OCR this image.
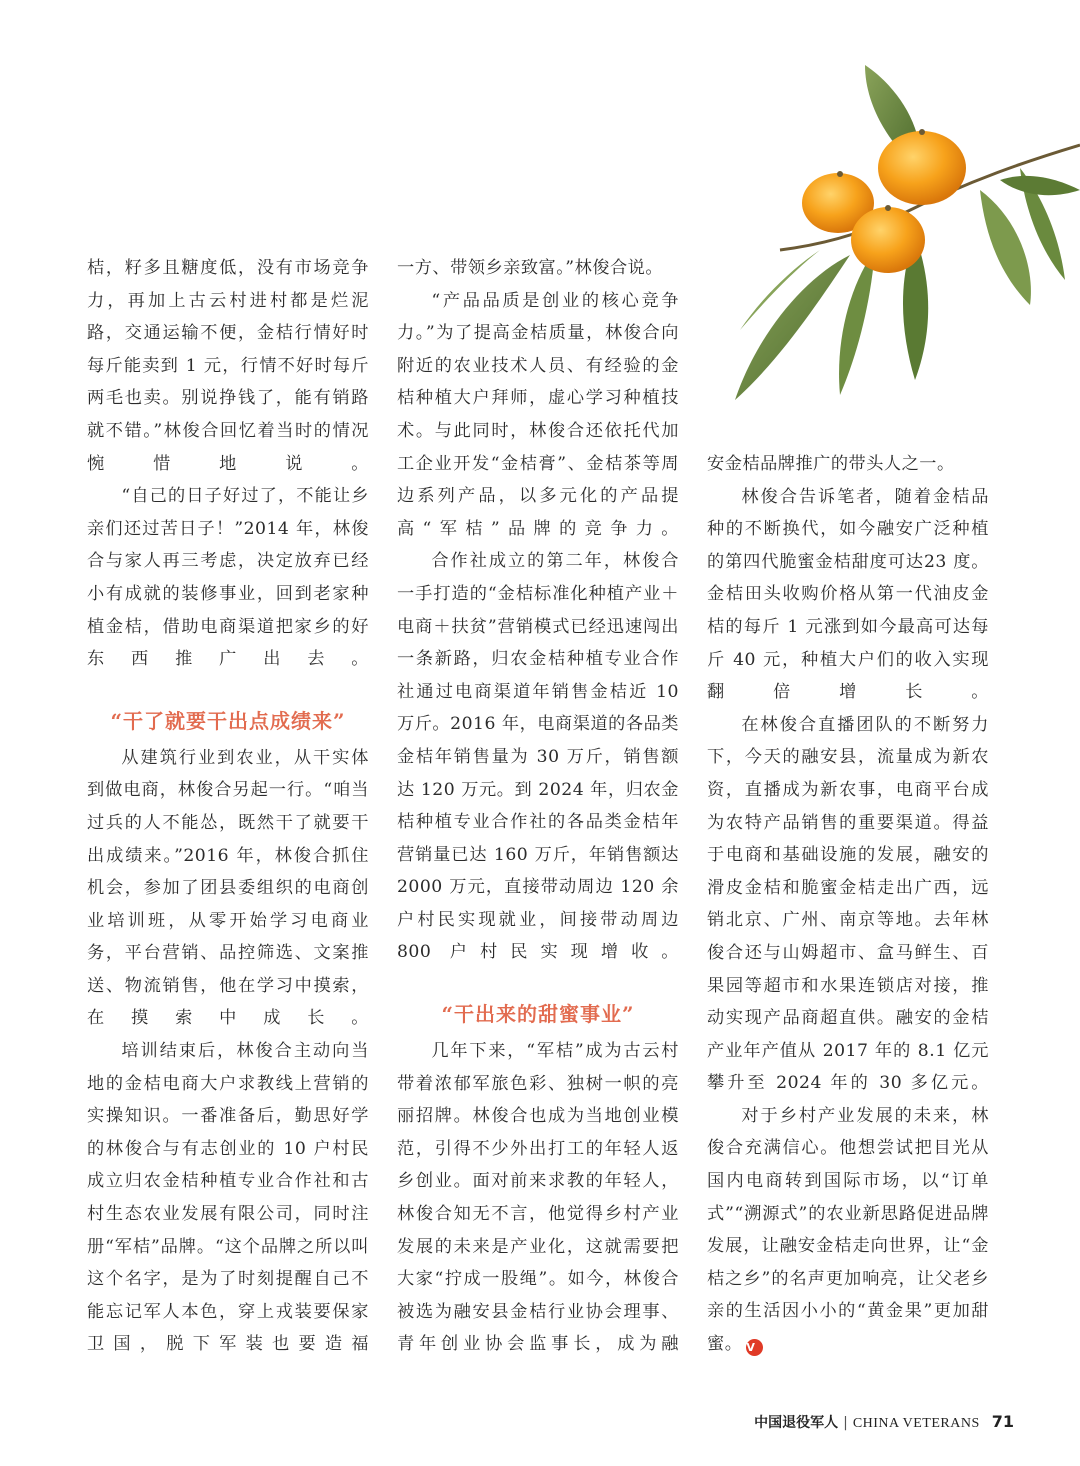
桔，籽多且糖度低，没有市场竞争力，再加上古云村进村都是烂泥路，交通运输不便，金桔行情好时每斤能卖到 1 元，行情不好时每斤两毛也卖。别说挣钱了，能有销路就不错。”林俊合回忆着当时的情况惋惜地说。

“自己的日子好过了，不能让乡亲们还过苦日子！”2014 年，林俊合与家人再三考虑，决定放弃已经小有成就的装修事业，回到老家种植金桔，借助电商渠道把家乡的好东西推广出去。

“干了就要干出点成绩来”

从建筑行业到农业，从干实体到做电商，林俊合另起一行。“咱当过兵的人不能怂，既然干了就要干出成绩来。”2016 年，林俊合抓住机会，参加了团县委组织的电商创业培训班，从零开始学习电商业务，平台营销、品控筛选、文案推送、物流销售，他在学习中摸索，在摸索中成长。

培训结束后，林俊合主动向当地的金桔电商大户求教线上营销的实操知识。一番准备后，勤思好学的林俊合与有志创业的 10 户村民成立归农金桔种植专业合作社和古村生态农业发展有限公司，同时注册“军桔”品牌。“这个品牌之所以叫这个名字，是为了时刻提醒自己不能忘记军人本色，穿上戎装要保家卫国，脱下军装也要造福

一方、带领乡亲致富。”林俊合说。

“产品品质是创业的核心竞争力。”为了提高金桔质量，林俊合向附近的农业技术人员、有经验的金桔种植大户拜师，虚心学习种植技术。与此同时，林俊合还依托代加工企业开发“金桔膏”、金桔茶等周边系列产品，以多元化的产品提高“军桔”品牌的竞争力。

合作社成立的第二年，林俊合一手打造的“金桔标准化种植产业＋电商＋扶贫”营销模式已经迅速闯出一条新路，归农金桔种植专业合作社通过电商渠道年销售金桔近 10 万斤。2016 年，电商渠道的各品类金桔年销售量为 30 万斤，销售额达 120 万元。到 2024 年，归农金桔种植专业合作社的各品类金桔年营销量已达 160 万斤，年销售额达 2000 万元，直接带动周边 120 余户村民实现就业，间接带动周边 800 户村民实现增收。

“干出来的甜蜜事业”

几年下来，“军桔”成为古云村带着浓郁军旅色彩、独树一帜的亮丽招牌。林俊合也成为当地创业模范，引得不少外出打工的年轻人返乡创业。面对前来求教的年轻人，林俊合知无不言，他觉得乡村产业发展的未来是产业化，这就需要把大家“拧成一股绳”。如今，林俊合被选为融安县金桔行业协会理事、青年创业协会监事长，成为融

安金桔品牌推广的带头人之一。

林俊合告诉笔者，随着金桔品种的不断换代，如今融安广泛种植的第四代脆蜜金桔甜度可达23 度。金桔田头收购价格从第一代油皮金桔的每斤 1 元涨到如今最高可达每斤 40 元，种植大户们的收入实现翻倍增长。

在林俊合直播团队的不断努力下，今天的融安县，流量成为新农资，直播成为新农事，电商平台成为农特产品销售的重要渠道。得益于电商和基础设施的发展，融安的滑皮金桔和脆蜜金桔走出广西，远销北京、广州、南京等地。去年林俊合还与山姆超市、盒马鲜生、百果园等超市和水果连锁店对接，推动实现产品商超直供。融安的金桔产业年产值从 2017 年的 8.1 亿元攀升至 2024 年的 30 多亿元。

对于乡村产业发展的未来，林俊合充满信心。他想尝试把目光从国内电商转到国际市场，以“订单式”“溯源式”的农业新思路促进品牌发展，让融安金桔走向世界，让“金桔之乡”的名声更加响亮，让父老乡亲的生活因小小的“黄金果”更加甜蜜。 V

中国退役军人 | CHINA VETERANS 71
